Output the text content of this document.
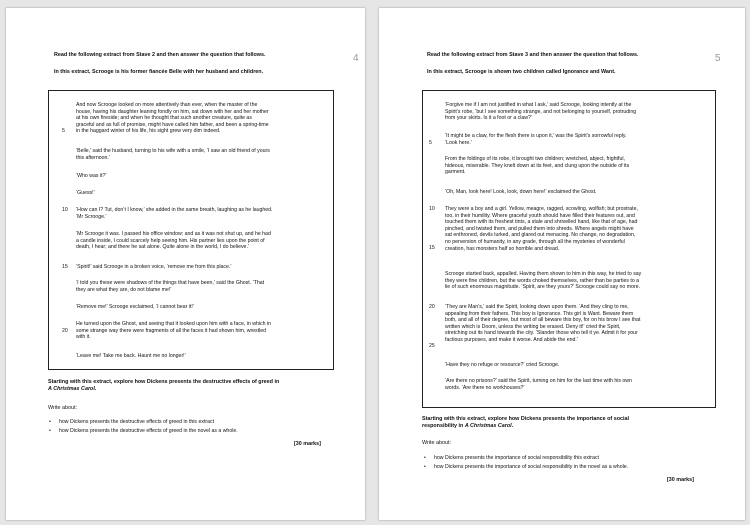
4
Read the following extract from Stave 2 and then answer the question that follows.
In this extract, Scrooge is his former fiancée Belle with her husband and children.
And now Scrooge looked on more attentively than ever, when the master of the
house, having his daughter leaning fondly on him, sat down with her and her mother
at his own fireside; and when he thought that such another creature, quite as
graceful and as full of promise, might have called him father, and been a spring-time
in the haggard winter of his life, his sight grew very dim indeed.
‘Belle,’ said the husband, turning to his wife with a smile, ‘I saw an old friend of yours
this afternoon.’
‘Who was it?’
‘Guess!’
‘How can I? Tut, don’t I know,’ she added in the same breath, laughing as he laughed.
‘Mr Scrooge.’
‘Mr Scrooge it was. I passed his office window; and as it was not shut up, and he had
a candle inside, I could scarcely help seeing him. His partner lies upon the point of
death, I hear; and there he sat alone. Quite alone in the world, I do believe.’
‘Spirit!’ said Scrooge in a broken voice, ‘remove me from this place.’
‘I told you these were shadows of the things that have been,’ said the Ghost. ‘That
they are what they are, do not blame me!’
‘Remove me!’ Scrooge exclaimed, ‘I cannot bear it!’
He turned upon the Ghost, and seeing that it looked upon him with a face, in which in
some strange way there were fragments of all the faces it had shown him, wrestled
with it.
‘Leave me! Take me back. Haunt me no longer!’
5
10
15
20
Starting with this extract, explore how Dickens presents the destructive effects of greed in
A Christmas Carol.
Write about:
• how Dickens presents the destructive effects of greed in this extract
• how Dickens presents the destructive effects of greed in the novel as a whole.
[30 marks]
5
Read the following extract from Stave 3 and then answer the question that follows.
In this extract, Scrooge is shown two children called Ignorance and Want.
‘Forgive me if I am not justified in what I ask,’ said Scrooge, looking intently at the
Spirit’s robe, ‘but I see something strange, and not belonging to yourself, protruding
from your skirts. Is it a foot or a claw?’
‘It might be a claw, for the flesh there is upon it,’ was the Spirit’s sorrowful reply.
‘Look here.’
From the foldings of its robe, it brought two children; wretched, abject, frightful,
hideous, miserable. They knelt down at its feet, and clung upon the outside of its
garment.
‘Oh, Man, look here! Look, look, down here!’ exclaimed the Ghost.
They were a boy and a girl. Yellow, meagre, ragged, scowling, wolfish; but prostrate,
too, in their humility. Where graceful youth should have filled their features out, and
touched them with its freshest tints, a stale and shrivelled hand, like that of age, had
pinched, and twisted them, and pulled them into shreds. Where angels might have
sat enthroned, devils lurked, and glared out menacing. No change, no degradation,
no perversion of humanity, in any grade, through all the mysteries of wonderful
creation, has monsters half so horrible and dread.
Scrooge started back, appalled. Having them shown to him in this way, he tried to say
they were fine children, but the words choked themselves, rather than be parties to a
lie of such enormous magnitude. ‘Spirit, are they yours?’ Scrooge could say no more.
‘They are Man’s,’ said the Spirit, looking down upon them. ‘And they cling to me,
appealing from their fathers. This boy is Ignorance. This girl is Want. Beware them
both, and all of their degree, but most of all beware this boy, for on his brow I see that
written which is Doom, unless the writing be erased. Deny it!’ cried the Spirit,
stretching out its hand towards the city. ‘Slander those who tell it ye. Admit it for your
factious purposes, and make it worse. And abide the end.’
‘Have they no refuge or resource?’ cried Scrooge.
‘Are there no prisons?’ said the Spirit, turning on him for the last time with his own
words. ‘Are there no workhouses?’
5
10
15
20
25
Starting with this extract, explore how Dickens presents the importance of social
responsibility in A Christmas Carol.
Write about:
• how Dickens presents the importance of social responsibility this extract
• how Dickens presents the importance of social responsibility in the novel as a whole.
[30 marks]
